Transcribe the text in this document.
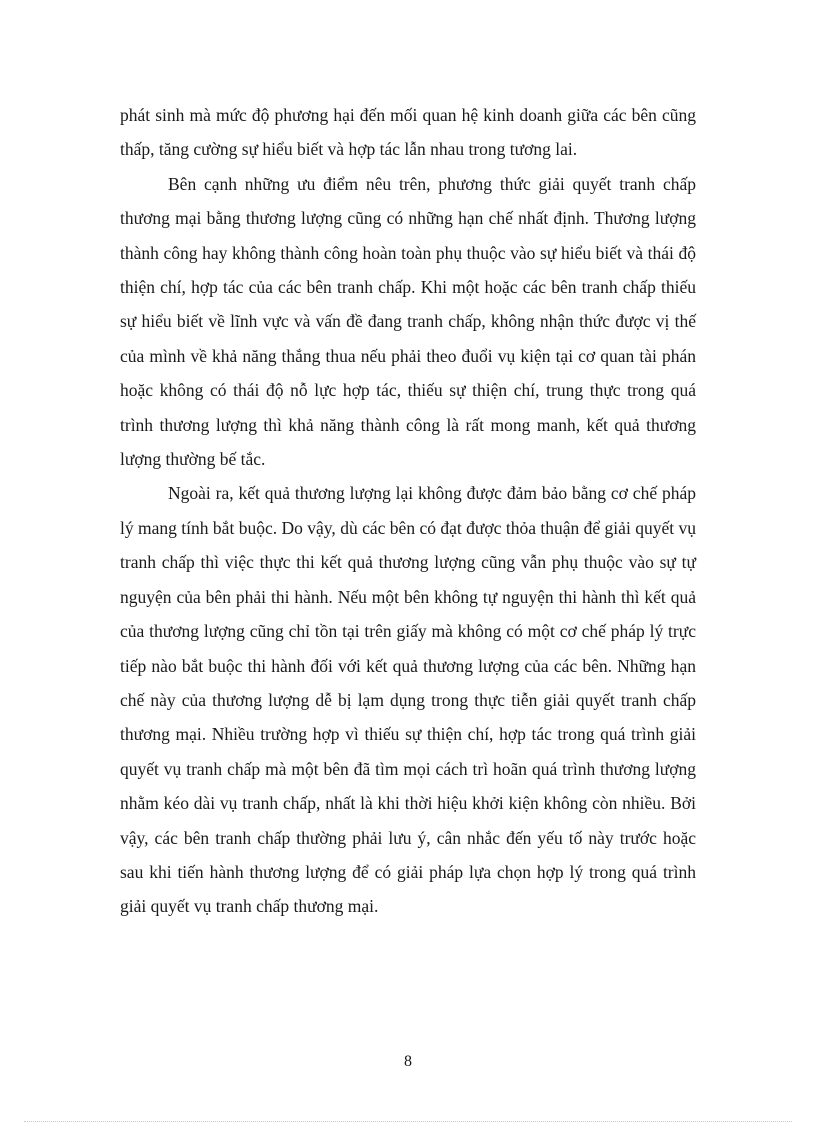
phát sinh mà mức độ phương hại đến mối quan hệ kinh doanh giữa các bên cũng thấp, tăng cường sự hiểu biết và hợp tác lẫn nhau trong tương lai.

Bên cạnh những ưu điểm nêu trên, phương thức giải quyết tranh chấp thương mại bằng thương lượng cũng có những hạn chế nhất định. Thương lượng thành công hay không thành công hoàn toàn phụ thuộc vào sự hiểu biết và thái độ thiện chí, hợp tác của các bên tranh chấp. Khi một hoặc các bên tranh chấp thiếu sự hiểu biết về lĩnh vực và vấn đề đang tranh chấp, không nhận thức được vị thế của mình về khả năng thắng thua nếu phải theo đuổi vụ kiện tại cơ quan tài phán hoặc không có thái độ nỗ lực hợp tác, thiếu sự thiện chí, trung thực trong quá trình thương lượng thì khả năng thành công là rất mong manh, kết quả thương lượng thường bế tắc.

Ngoài ra, kết quả thương lượng lại không được đảm bảo bằng cơ chế pháp lý mang tính bắt buộc. Do vậy, dù các bên có đạt được thỏa thuận để giải quyết vụ tranh chấp thì việc thực thi kết quả thương lượng cũng vẫn phụ thuộc vào sự tự nguyện của bên phải thi hành. Nếu một bên không tự nguyện thi hành thì kết quả của thương lượng cũng chỉ tồn tại trên giấy mà không có một cơ chế pháp lý trực tiếp nào bắt buộc thi hành đối với kết quả thương lượng của các bên. Những hạn chế này của thương lượng dễ bị lạm dụng trong thực tiễn giải quyết tranh chấp thương mại. Nhiều trường hợp vì thiếu sự thiện chí, hợp tác trong quá trình giải quyết vụ tranh chấp mà một bên đã tìm mọi cách trì hoãn quá trình thương lượng nhằm kéo dài vụ tranh chấp, nhất là khi thời hiệu khởi kiện không còn nhiều. Bởi vậy, các bên tranh chấp thường phải lưu ý, cân nhắc đến yếu tố này trước hoặc sau khi tiến hành thương lượng để có giải pháp lựa chọn hợp lý trong quá trình giải quyết vụ tranh chấp thương mại.

8
